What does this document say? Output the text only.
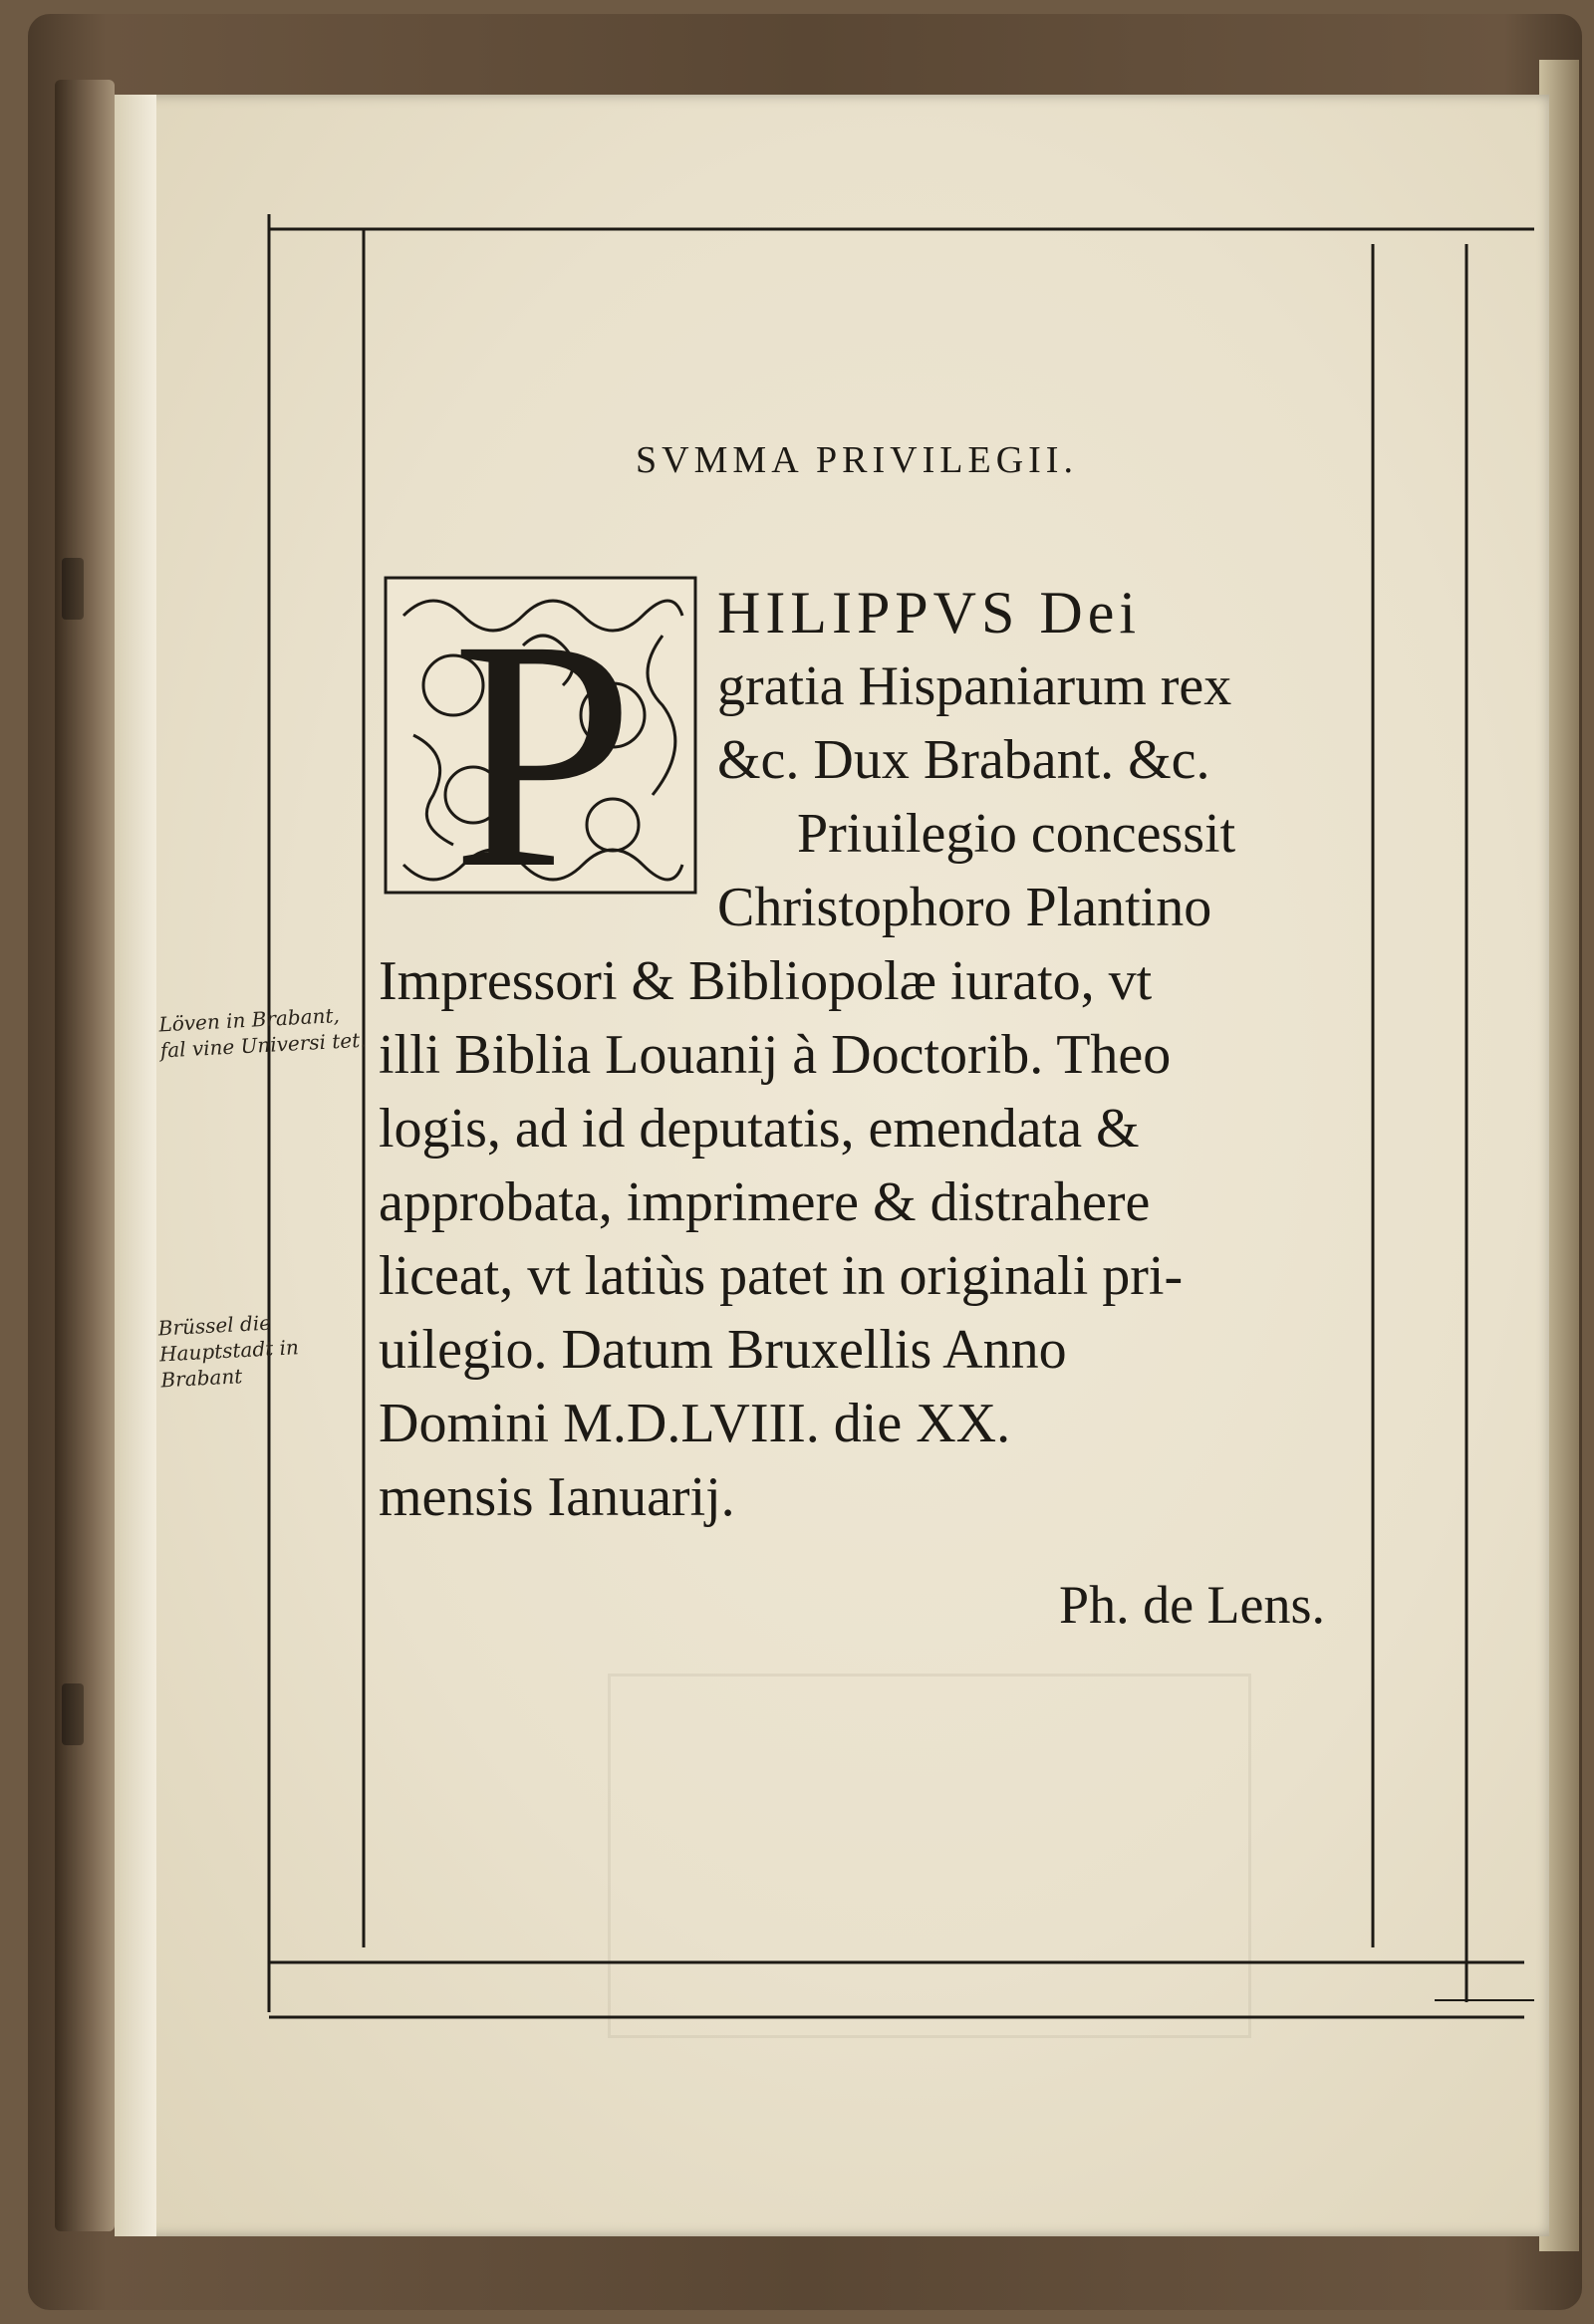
SVMMA PRIVILEGII.
P	HILIPPVS Dei
gratia Hispaniarum rex
&c. Dux Brabant. &c.
Priuilegio concessit
Christophoro Plantino
Impressori & Bibliopolæ iurato, vt
illi Biblia Louanij à Doctorib. Theo
logis, ad id deputatis, emendata &
approbata, imprimere & distrahere
liceat, vt latiùs patet in originali pri-
uilegio. Datum Bruxellis Anno
Domini M.D.LVIII. die XX.
mensis Ianuarij.
Ph. de Lens.
Löven in Brabant, fal vine Universi tet.
Brüssel die Hauptstadt in Brabant
